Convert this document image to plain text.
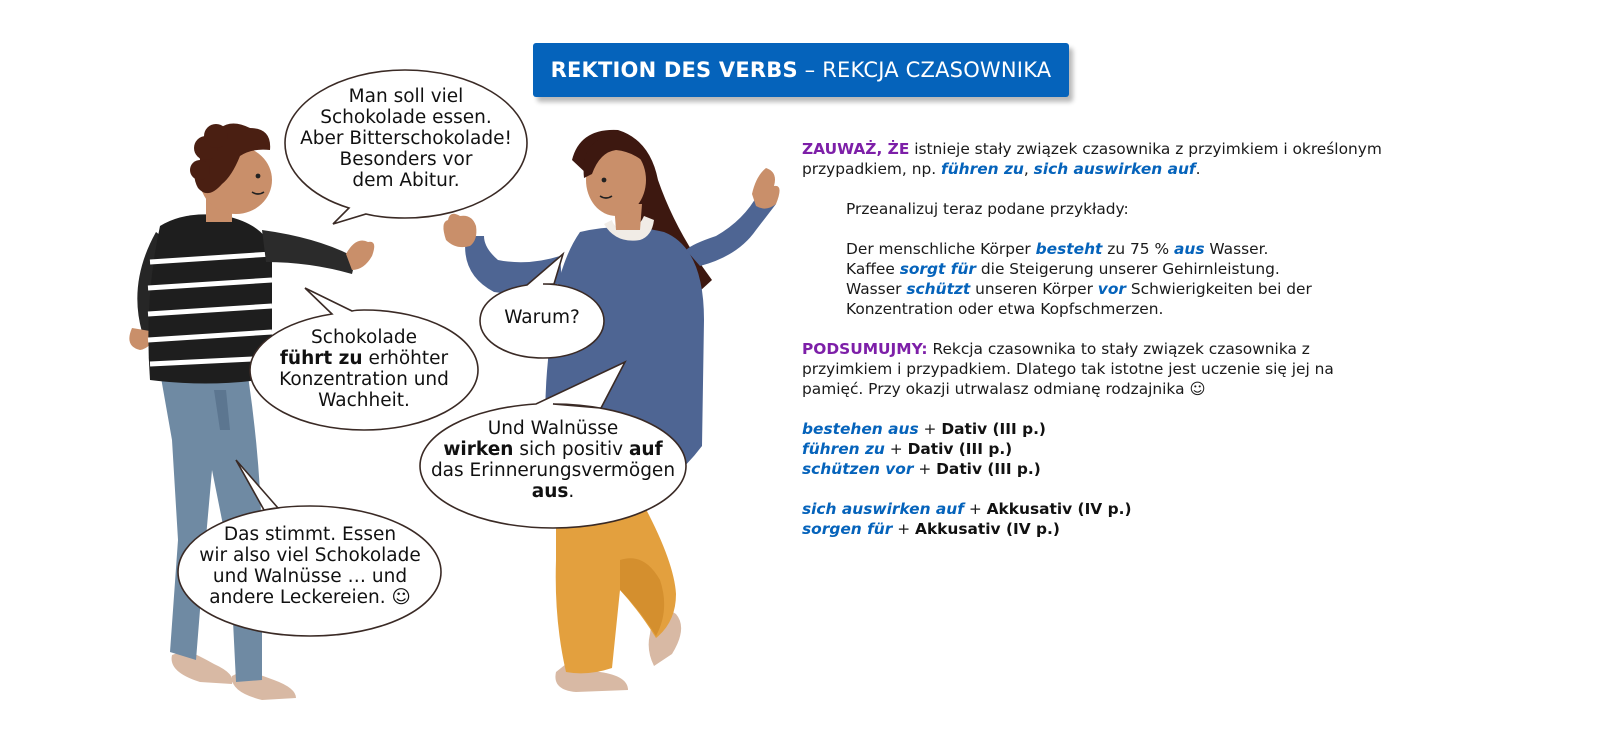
REKTION DES VERBS – REKCJA CZASOWNIKA
Man soll viel
Schokolade essen.
Aber Bitterschokolade!
Besonders vor
dem Abitur.
Schokolade
führt zu erhöhter
Konzentration und
Wachheit.
Warum?
Und Walnüsse
wirken sich positiv auf
das Erinnerungsvermögen
aus.
Das stimmt. Essen
wir also viel Schokolade
und Walnüsse … und
andere Leckereien. ☺

ZAUWAŻ, ŻE istnieje stały związek czasownika z przyimkiem i określonym przypadkiem, np. führen zu, sich auswirken auf.

Przeanalizuj teraz podane przykłady:

Der menschliche Körper besteht zu 75 % aus Wasser.

Kaffee sorgt für die Steigerung unserer Gehirnleistung.

Wasser schützt unseren Körper vor Schwierigkeiten bei der Konzentration oder etwa Kopfschmerzen.

PODSUMUJMY: Rekcja czasownika to stały związek czasownika z przyimkiem i przypadkiem. Dlatego tak istotne jest uczenie się jej na pamięć. Przy okazji utrwalasz odmianę rodzajnika ☺

bestehen aus + Dativ (III p.)

führen zu + Dativ (III p.)

schützen vor + Dativ (III p.)

sich auswirken auf + Akkusativ (IV p.)

sorgen für + Akkusativ (IV p.)
